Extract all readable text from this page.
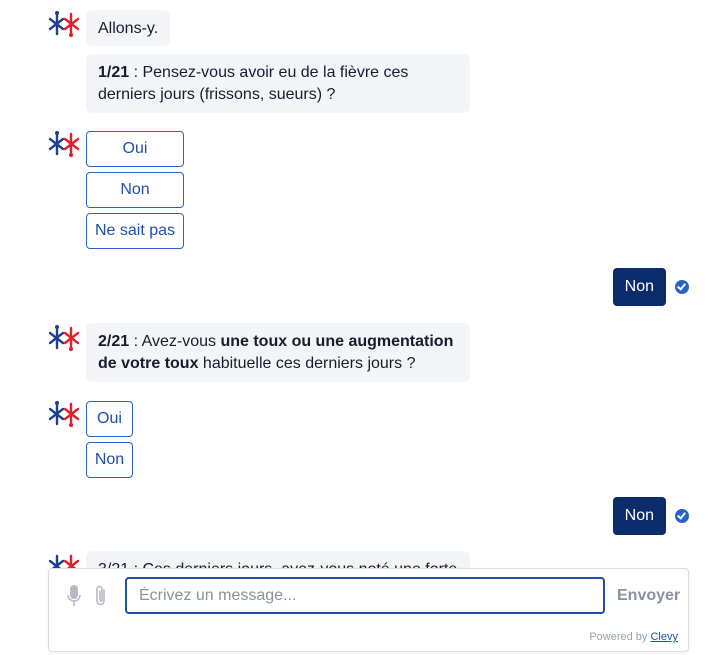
Allons-y.
1/21 : Pensez-vous avoir eu de la fièvre ces derniers jours (frissons, sueurs) ?
Oui
Non
Ne sait pas
Non
2/21 : Avez-vous une toux ou une augmentation de votre toux habituelle ces derniers jours ?
Oui
Non
Non
Écrivez un message...
Envoyer
Powered by Clevy
